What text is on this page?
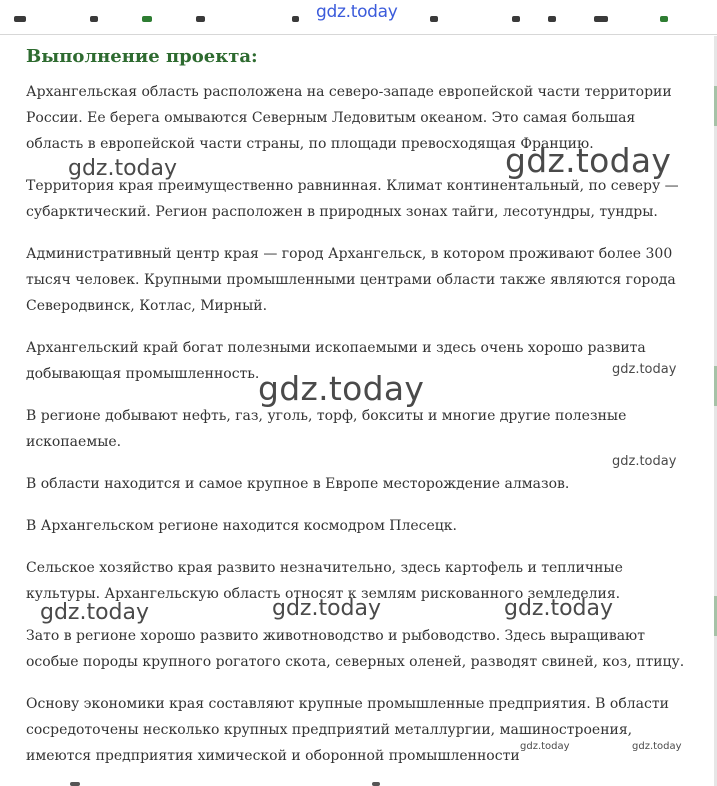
gdz.today
Выполнение проекта:

Архангельская область расположена на северо-западе европейской части территории России. Ее берега омываются Северным Ледовитым океаном. Это самая большая область в европейской части страны, по площади превосходящая Францию.

Территория края преимущественно равнинная. Климат континентальный, по северу — субарктический. Регион расположен в природных зонах тайги, лесотундры, тундры.

Административный центр края — город Архангельск, в котором проживают более 300 тысяч человек. Крупными промышленными центрами области также являются города Северодвинск, Котлас, Мирный.

Архангельский край богат полезными ископаемыми и здесь очень хорошо развита добывающая промышленность.

В регионе добывают нефть, газ, уголь, торф, бокситы и многие другие полезные ископаемые.

В области находится и самое крупное в Европе месторождение алмазов.

В Архангельском регионе находится космодром Плесецк.

Сельское хозяйство края развито незначительно, здесь картофель и тепличные культуры. Архангельскую область относят к землям рискованного земледелия.

Зато в регионе хорошо развито животноводство и рыбоводство. Здесь выращивают особые породы крупного рогатого скота, северных оленей, разводят свиней, коз, птицу.

Основу экономики края составляют крупные промышленные предприятия. В области сосредоточены несколько крупных предприятий металлургии, машиностроения, имеются предприятия химической и оборонной промышленности

gdz.today	gdz.today
gdz.today	gdz.today
gdz.today
gdz.today	gdz.today	gdz.today
gdz.today	gdz.today
